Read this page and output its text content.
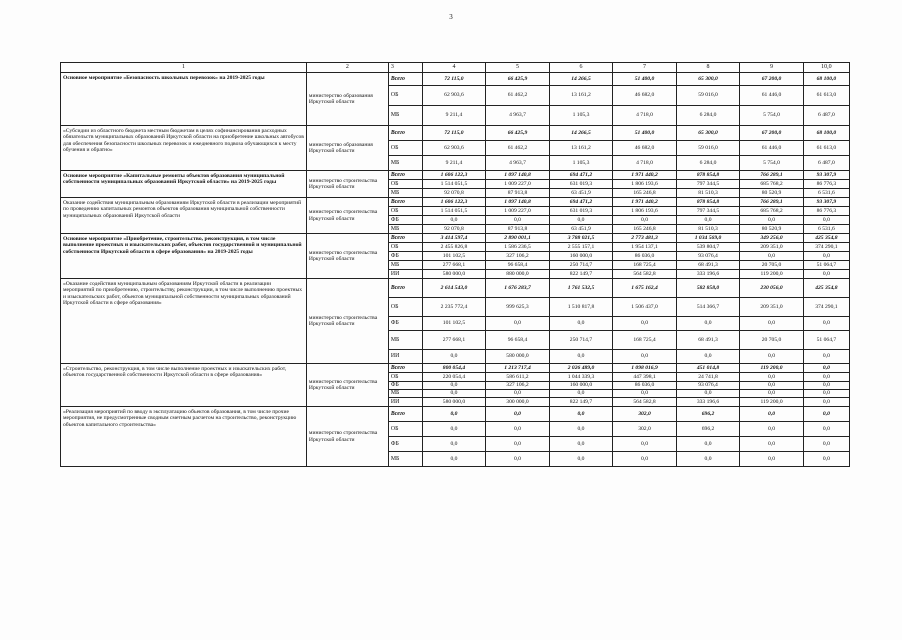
3
1	2	3	4	5	6	7	8	9	10,0
Основное мероприятие «Безопасность школьных перевозок» на 2019-2025 годы	министерство образования Иркутской области	Всего	72 115,0	66 425,9	14 266,5	51 400,0	65 300,0	67 200,0	68 100,0
		ОБ	62 903,6	61 462,2	13 161,2	46 682,0	59 016,0	61 446,0	61 613,0
		МБ	9 211,4	4 963,7	1 105,3	4 718,0	6 284,0	5 754,0	6 487,0
«Субсидии из областного бюджета местным бюджетам в целях софинансирования расходных обязательств муниципальных образований Иркутской области на приобретение школьных автобусов для обеспечения безопасности школьных перевозок и ежедневного подвоза обучающихся к месту обучения и обратно»	министерство образования Иркутской области	Всего	72 115,0	66 425,9	14 266,5	51 400,0	65 300,0	67 200,0	68 100,0
		ОБ	62 903,6	61 462,2	13 161,2	46 682,0	59 016,0	61 446,0	61 613,0
		МБ	9 211,4	4 963,7	1 105,3	4 718,0	6 284,0	5 754,0	6 487,0
Основное мероприятие «Капитальные ремонты объектов образования муниципальной собственности муниципальных образований Иркутской области» на 2019-2025 годы	министерство строительства Иркутской области	Всего	1 606 122,3	1 097 140,8	694 471,2	1 971 440,2	878 854,8	766 289,1	93 307,9
		ОБ	1 514 051,5	1 009 227,0	631 019,3	1 806 193,6	797 344,5	685 768,2	86 776,3
		МБ	92 070,8	87 913,8	63 451,9	165 246,8	81 510,3	80 520,9	6 531,6
Оказание содействия муниципальным образованиям Иркутской области в реализации мероприятий по проведению капитальных ремонтов объектов образования муниципальной собственности муниципальных образований Иркутской области	министерство строительства Иркутской области	Всего	1 606 122,3	1 097 140,8	694 471,2	1 971 440,2	878 854,8	766 289,1	93 307,9
		ОБ	1 514 051,5	1 009 227,0	631 019,3	1 806 193,6	797 344,5	685 768,2	86 776,3
		ФБ	0,0	0,0	0,0	0,0	0,0	0,0	0,0
		МБ	92 070,8	87 913,8	63 451,9	165 246,8	81 510,3	80 520,9	6 531,6
Основное мероприятие «Приобретение, строительство, реконструкция, в том числе выполнение проектных и изыскательских работ, объектов государственной и муниципальной собственности Иркутской области в сфере образования» на 2019-2025 годы	министерство строительства Иркутской области	Всего	3 414 597,4	2 890 001,1	3 788 021,5	2 773 481,3	1 034 569,0	349 256,0	425 354,8
		ОБ	2 455 826,8	1 586 236,5	2 555 157,1	1 954 137,1	539 804,7	209 351,0	374 290,1
		ФБ	101 102,5	327 106,2	160 000,0	86 036,0	93 076,4	0,0	0,0
		МБ	277 668,1	96 658,4	250 714,7	168 725,4	68 491,3	20 705,0	51 064,7
		ИИ	580 000,0	880 000,0	822 149,7	564 582,8	333 196,6	119 200,0	0,0
«Оказание содействия муниципальным образованиям Иркутской области в реализации мероприятий по приобретению, строительству, реконструкции, в том числе выполнению проектных и изыскательских работ, объектов муниципальной собственности муниципальных образований Иркутской области в сфере образования»	министерство строительства Иркутской области	Всего	2 614 543,0	1 676 283,7	1 761 532,5	1 675 162,4	582 858,0	230 056,0	425 354,8
		ОБ	2 235 772,4	999 625,3	1 510 817,8	1 506 437,0	514 366,7	209 351,0	374 290,1
		ФБ	101 102,5	0,0	0,0	0,0	0,0	0,0	0,0
		МБ	277 668,1	96 658,4	250 714,7	168 725,4	68 491,3	20 705,0	51 064,7
		ИИ	0,0	580 000,0	0,0	0,0	0,0	0,0	0,0
«Строительство, реконструкция, в том числе выполнение проектных и изыскательских работ, объектов государственной собственности Иркутской области в сфере образования»	министерство строительства Иркутской области	Всего	800 054,4	1 213 717,4	2 026 489,0	1 098 016,9	451 014,8	119 200,0	0,0
		ОБ	220 054,4	586 611,2	1 044 339,3	447 398,1	24 741,8	0,0	0,0
		ФБ	0,0	327 106,2	160 000,0	86 036,0	93 076,4	0,0	0,0
		МБ	0,0	0,0	0,0	0,0	0,0	0,0	0,0
		ИИ	580 000,0	300 000,0	822 149,7	564 582,8	333 196,6	119 200,0	0,0
«Реализация мероприятий по вводу в эксплуатацию объектов образования, в том числе прочие мероприятия, не предусмотренные сводным сметным расчетом на строительство, реконструкцию объектов капитального строительства»	министерство строительства Иркутской области	Всего	0,0	0,0	0,0	302,0	696,2	0,0	0,0
		ОБ	0,0	0,0	0,0	302,0	696,2	0,0	0,0
		ФБ	0,0	0,0	0,0	0,0	0,0	0,0	0,0
		МБ	0,0	0,0	0,0	0,0	0,0	0,0	0,0
